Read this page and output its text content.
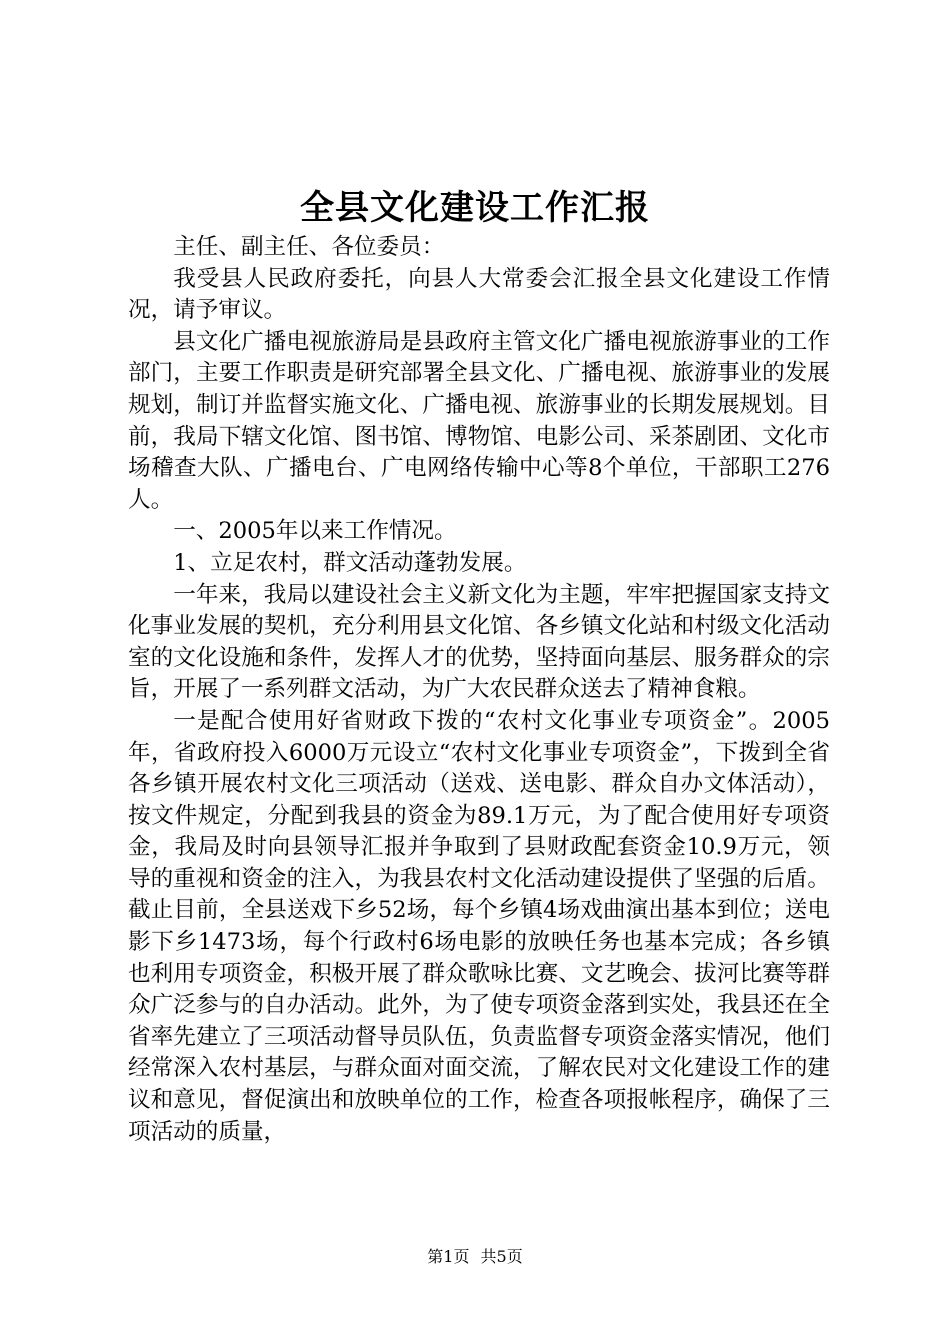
全县文化建设工作汇报

主任、副主任、各位委员：

我受县人民政府委托，向县人大常委会汇报全县文化建设工作情况，请予审议。

县文化广播电视旅游局是县政府主管文化广播电视旅游事业的工作部门，主要工作职责是研究部署全县文化、广播电视、旅游事业的发展规划，制订并监督实施文化、广播电视、旅游事业的长期发展规划。目前，我局下辖文化馆、图书馆、博物馆、电影公司、采茶剧团、文化市场稽查大队、广播电台、广电网络传输中心等8个单位，干部职工276人。

一、2005年以来工作情况。

1、立足农村，群文活动蓬勃发展。

一年来，我局以建设社会主义新文化为主题，牢牢把握国家支持文化事业发展的契机，充分利用县文化馆、各乡镇文化站和村级文化活动室的文化设施和条件，发挥人才的优势，坚持面向基层、服务群众的宗旨，开展了一系列群文活动，为广大农民群众送去了精神食粮。

一是配合使用好省财政下拨的“农村文化事业专项资金”。2005年，省政府投入6000万元设立“农村文化事业专项资金”，下拨到全省各乡镇开展农村文化三项活动（送戏、送电影、群众自办文体活动），按文件规定，分配到我县的资金为89.1万元，为了配合使用好专项资金，我局及时向县领导汇报并争取到了县财政配套资金10.9万元，领导的重视和资金的注入，为我县农村文化活动建设提供了坚强的后盾。截止目前，全县送戏下乡52场，每个乡镇4场戏曲演出基本到位；送电影下乡1473场，每个行政村6场电影的放映任务也基本完成；各乡镇也利用专项资金，积极开展了群众歌咏比赛、文艺晚会、拔河比赛等群众广泛参与的自办活动。此外，为了使专项资金落到实处，我县还在全省率先建立了三项活动督导员队伍，负责监督专项资金落实情况，他们经常深入农村基层，与群众面对面交流，了解农民对文化建设工作的建议和意见，督促演出和放映单位的工作，检查各项报帐程序，确保了三项活动的质量，

第1页 共5页
